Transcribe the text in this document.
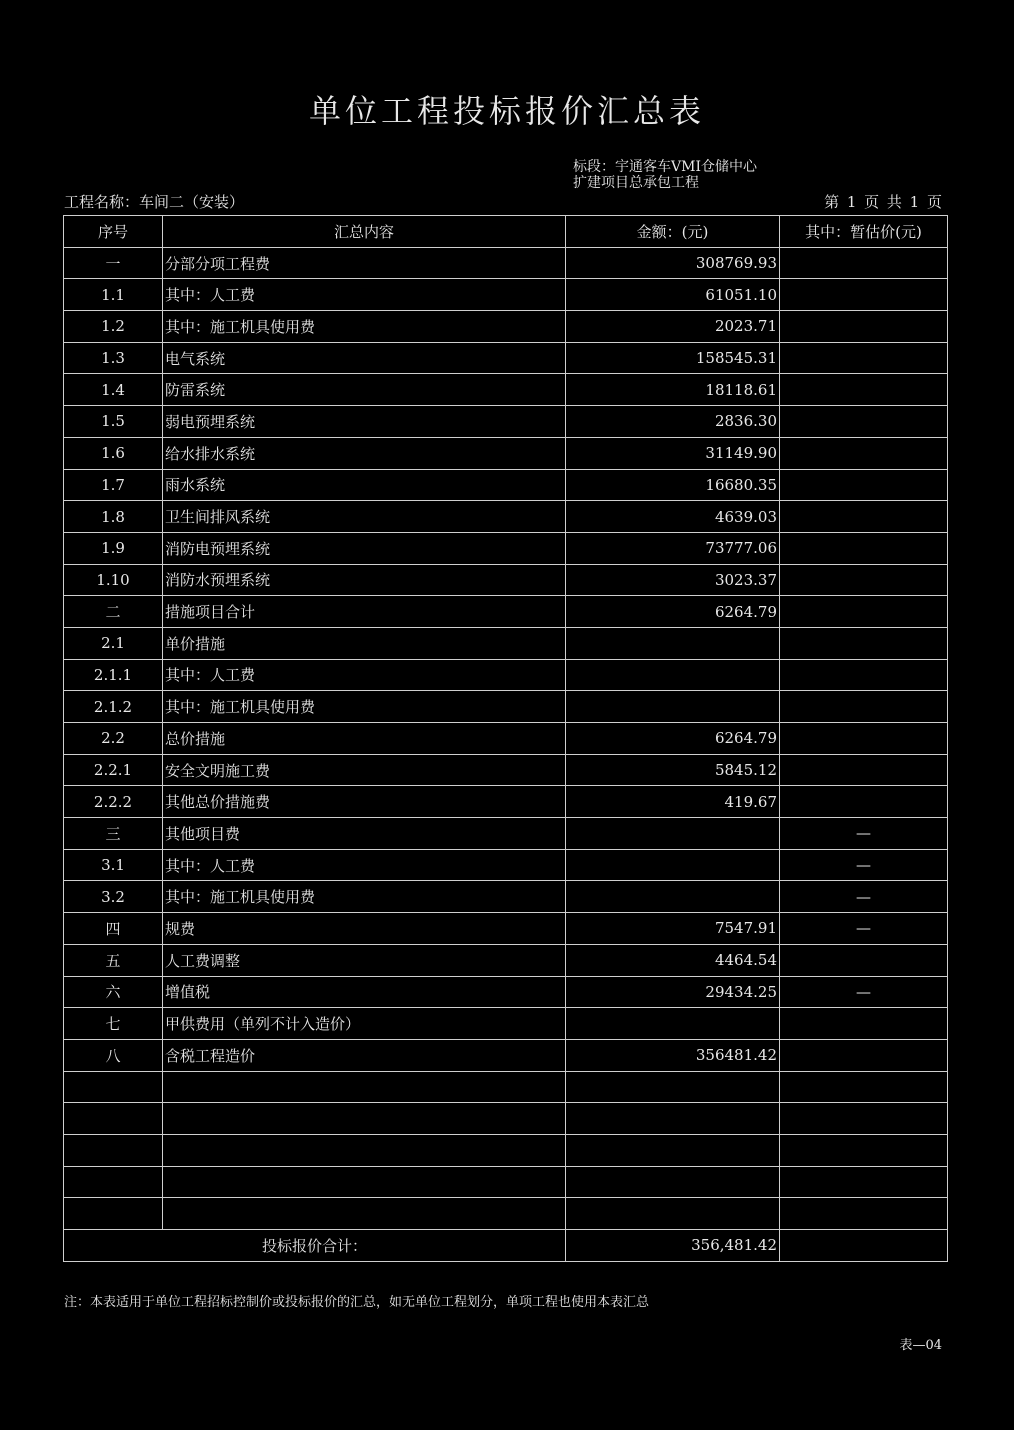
单位工程投标报价汇总表
工程名称：车间二（安装）
标段：宇通客车VMI仓储中心扩建项目总承包工程
第 1 页 共 1 页
序号	汇总内容	金额：(元)	其中：暂估价(元)
一	分部分项工程费	308769.93	
1.1	其中：人工费	61051.10	
1.2	其中：施工机具使用费	2023.71	
1.3	电气系统	158545.31	
1.4	防雷系统	18118.61	
1.5	弱电预埋系统	2836.30	
1.6	给水排水系统	31149.90	
1.7	雨水系统	16680.35	
1.8	卫生间排风系统	4639.03	
1.9	消防电预埋系统	73777.06	
1.10	消防水预埋系统	3023.37	
二	措施项目合计	6264.79	
2.1	单价措施		
2.1.1	其中：人工费		
2.1.2	其中：施工机具使用费		
2.2	总价措施	6264.79	
2.2.1	安全文明施工费	5845.12	
2.2.2	其他总价措施费	419.67	
三	其他项目费		—
3.1	其中：人工费		—
3.2	其中：施工机具使用费		—
四	规费	7547.91	—
五	人工费调整	4464.54	
六	增值税	29434.25	—
七	甲供费用（单列不计入造价）		
八	含税工程造价	356481.42	

投标报价合计：		356,481.42	
注：本表适用于单位工程招标控制价或投标报价的汇总，如无单位工程划分，单项工程也使用本表汇总
表—04
